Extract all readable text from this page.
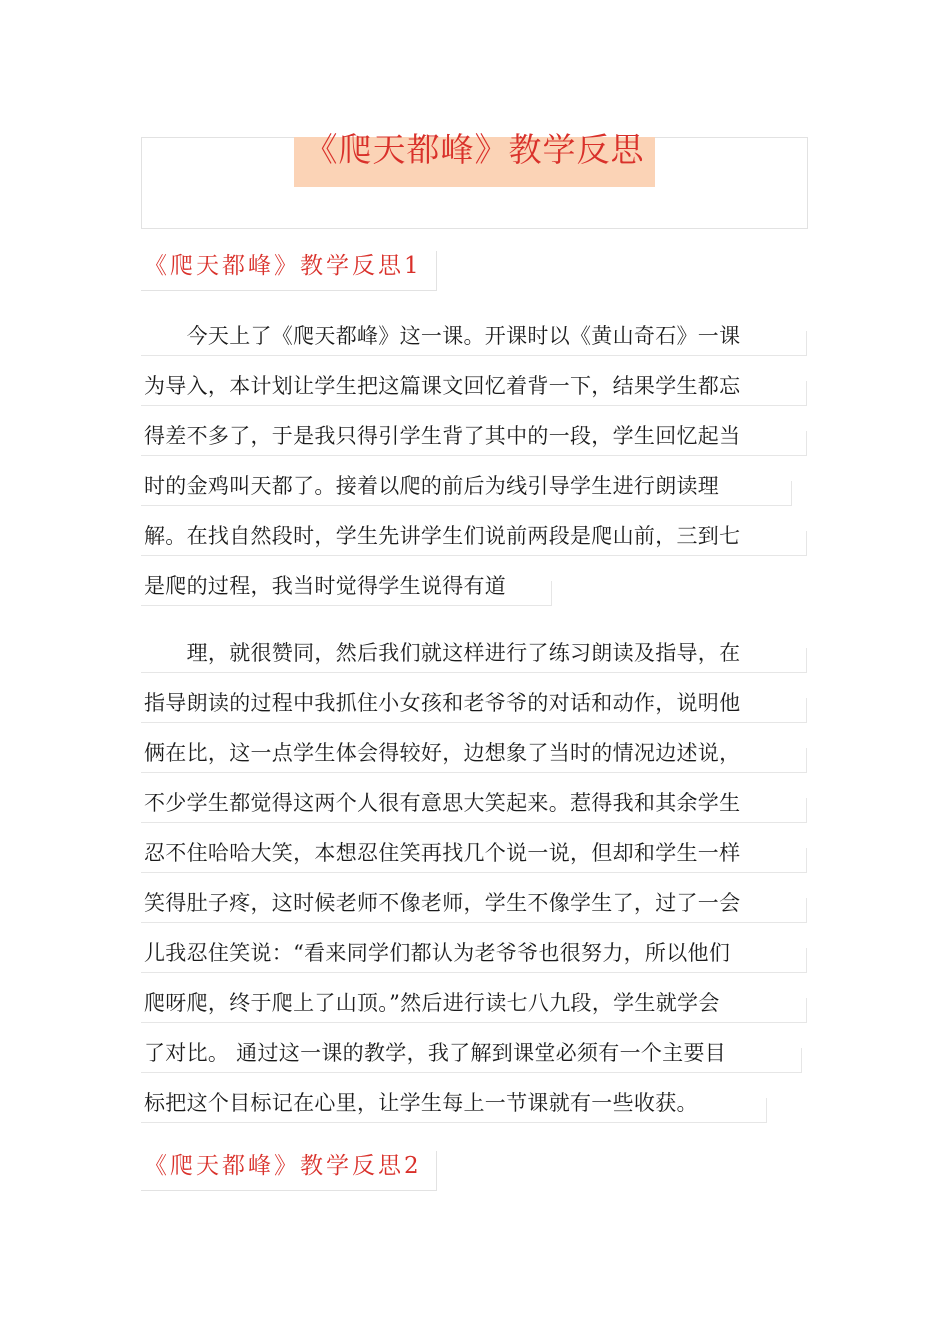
《爬天都峰》教学反思
《爬天都峰》教学反思1
　　今天上了《爬天都峰》这一课。开课时以《黄山奇石》一课
为导入，本计划让学生把这篇课文回忆着背一下，结果学生都忘
得差不多了，于是我只得引学生背了其中的一段，学生回忆起当
时的金鸡叫天都了。接着以爬的前后为线引导学生进行朗读理
解。在找自然段时，学生先讲学生们说前两段是爬山前，三到七
是爬的过程，我当时觉得学生说得有道
　　理，就很赞同，然后我们就这样进行了练习朗读及指导，在
指导朗读的过程中我抓住小女孩和老爷爷的对话和动作，说明他
俩在比，这一点学生体会得较好，边想象了当时的情况边述说，
不少学生都觉得这两个人很有意思大笑起来。惹得我和其余学生
忍不住哈哈大笑，本想忍住笑再找几个说一说，但却和学生一样
笑得肚子疼，这时候老师不像老师，学生不像学生了，过了一会
儿我忍住笑说：“看来同学们都认为老爷爷也很努力，所以他们
爬呀爬，终于爬上了山顶。”然后进行读七八九段，学生就学会
了对比。 通过这一课的教学，我了解到课堂必须有一个主要目
标把这个目标记在心里，让学生每上一节课就有一些收获。
《爬天都峰》教学反思2
